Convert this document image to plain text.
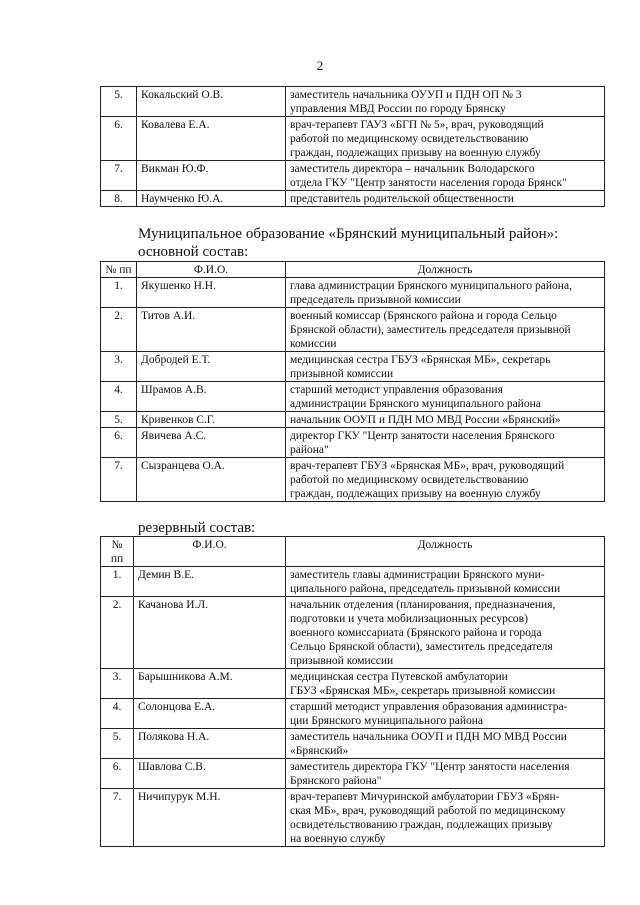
2
5.	Кокальский О.В.	заместитель начальника ОУУП и ПДН ОП № 3
управления МВД России по городу Брянску

6.	Ковалева Е.А.	врач-терапевт ГАУЗ «БГП № 5», врач, руководящий
работой по медицинскому освидетельствованию
граждан, подлежащих призыву на военную службу

7.	Викман Ю.Ф.	заместитель директора – начальник Володарского
отдела ГКУ "Центр занятости населения города Брянск"

8.	Наумченко Ю.А.	представитель родительской общественности
Муниципальное образование «Брянский муниципальный район»:
основной состав:
№ пп	Ф.И.О.	Должность
1.	Якушенко Н.Н.	глава администрации Брянского муниципального района,
председатель призывной комиссии

2.	Титов А.И.	военный комиссар (Брянского района и города Сельцо
Брянской области), заместитель председателя призывной
комиссии

3.	Добродей Е.Т.	медицинская сестра ГБУЗ «Брянская МБ», секретарь
призывной комиссии

4.	Шрамов А.В.	старший методист управления образования
администрации Брянского муниципального района

5.	Кривенков С.Г.	начальник ООУП и ПДН МО МВД России «Брянский»

6.	Явичева А.С.	директор ГКУ "Центр занятости населения Брянского
района"

7.	Сызранцева О.А.	врач-терапевт ГБУЗ «Брянская МБ», врач, руководящий
работой по медицинскому освидетельствованию
граждан, подлежащих призыву на военную службу
резервный состав:
№ пп	Ф.И.О.	Должность
1.	Демин В.Е.	заместитель главы администрации Брянского муни-
ципального района, председатель призывной комиссии

2.	Качанова И.Л.	начальник отделения (планирования, предназначения,
подготовки и учета мобилизационных ресурсов)
военного комиссариата (Брянского района и города
Сельцо Брянской области), заместитель председателя
призывной комиссии

3.	Барышникова А.М.	медицинская сестра Путевской амбулатории
ГБУЗ «Брянская МБ», секретарь призывной комиссии

4.	Солонцова Е.А.	старший методист управления образования администра-
ции Брянского муниципального района

5.	Полякова Н.А.	заместитель начальника ООУП и ПДН МО МВД России
«Брянский»

6.	Шавлова С.В.	заместитель директора ГКУ "Центр занятости населения
Брянского района"

7.	Ничипурук М.Н.	врач-терапевт Мичуринской амбулатории ГБУЗ «Брян-
ская МБ», врач, руководящий работой по медицинскому
освидетельствованию граждан, подлежащих призыву
на военную службу
